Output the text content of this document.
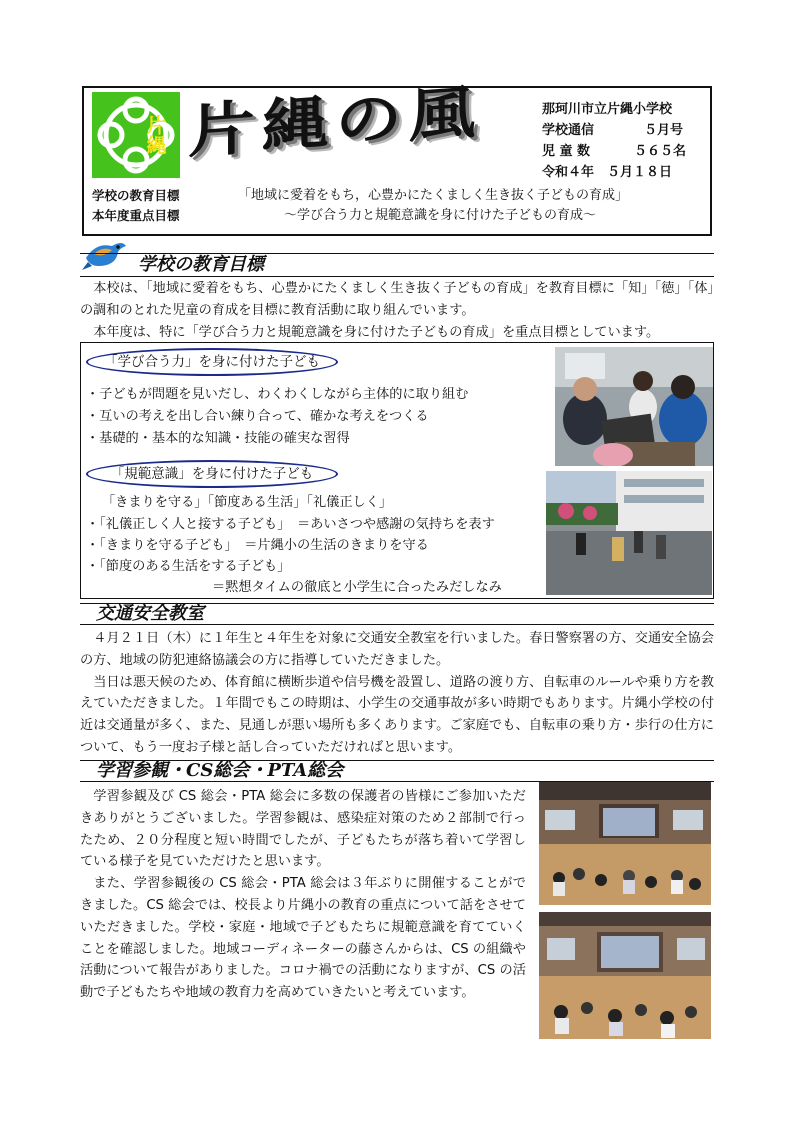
片縄 片縄の風	那珂川市立片縄小学校
学校通信	５月号
児 童 数	５６５名
令和４年　５月１８日
学校の教育目標
本年度重点目標
「地域に愛着をもち，心豊かにたくましく生き抜く子どもの育成」
～学び合う力と規範意識を身に付けた子どもの育成～
学校の教育目標

本校は、「地域に愛着をもち、心豊かにたくましく生き抜く子どもの育成」を教育目標に「知」「徳」「体」の調和のとれた児童の育成を目標に教育活動に取り組んでいます。

本年度は、特に「学び合う力と規範意識を身に付けた子どもの育成」を重点目標としています。

「学び合う力」を身に付けた子ども
・子どもが問題を見いだし、わくわくしながら主体的に取り組む
・互いの考えを出し合い練り合って、確かな考えをつくる
・基礎的・基本的な知識・技能の確実な習得
「規範意識」を身に付けた子ども
「きまりを守る」「節度ある生活」「礼儀正しく」
・「礼儀正しく人と接する子ども」　＝あいさつや感謝の気持ちを表す
・「きまりを守る子ども」　＝片縄小の生活のきまりを守る
・「節度のある生活をする子ども」
＝黙想タイムの徹底と小学生に合ったみだしなみ
交通安全教室

４月２１日（木）に１年生と４年生を対象に交通安全教室を行いました。春日警察署の方、交通安全協会の方、地域の防犯連絡協議会の方に指導していただきました。

当日は悪天候のため、体育館に横断歩道や信号機を設置し、道路の渡り方、自転車のルールや乗り方を教えていただきました。１年間でもこの時期は、小学生の交通事故が多い時期でもあります。片縄小学校の付近は交通量が多く、また、見通しが悪い場所も多くあります。ご家庭でも、自転車の乗り方・歩行の仕方について、もう一度お子様と話し合っていただければと思います。

学習参観・CS総会・PTA総会

学習参観及び CS 総会・PTA 総会に多数の保護者の皆様にご参加いただきありがとうございました。学習参観は、感染症対策のため２部制で行ったため、２０分程度と短い時間でしたが、子どもたちが落ち着いて学習している様子を見ていただけたと思います。

また、学習参観後の CS 総会・PTA 総会は３年ぶりに開催することができました。CS 総会では、校長より片縄小の教育の重点について話をさせていただきました。学校・家庭・地域で子どもたちに規範意識を育てていくことを確認しました。地域コーディネーターの藤さんからは、CS の組織や活動について報告がありました。コロナ禍での活動になりますが、CS の活動で子どもたちや地域の教育力を高めていきたいと考えています。
